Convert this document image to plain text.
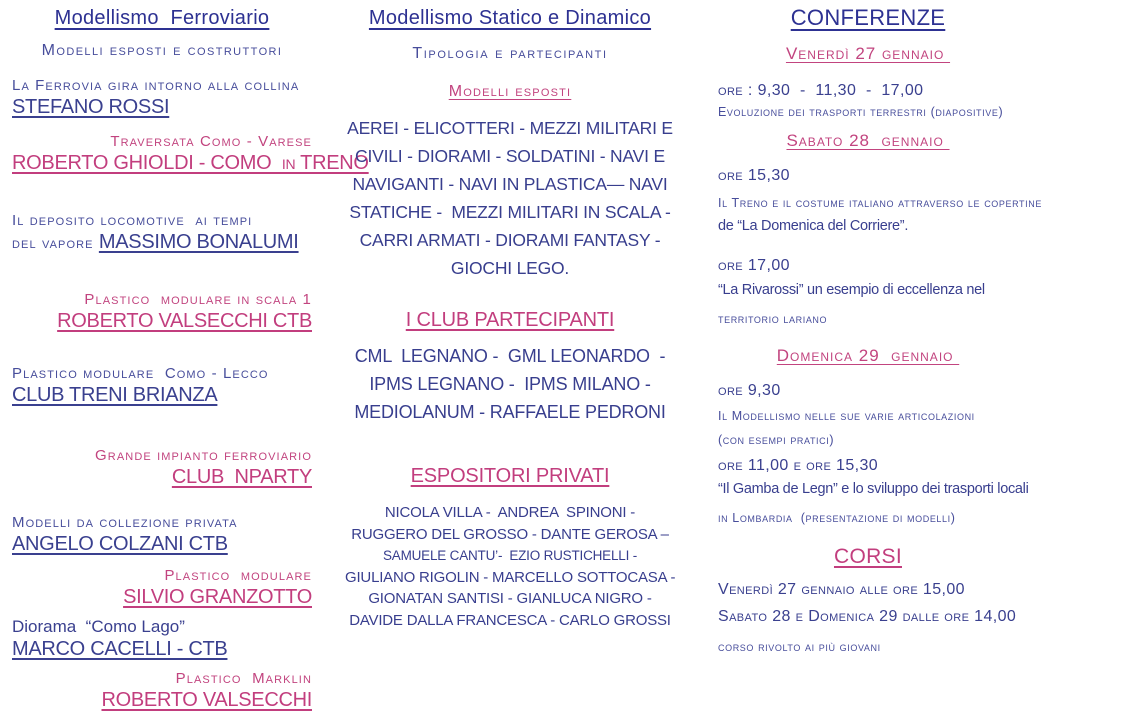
Modellismo  Ferroviario
Modelli esposti e costruttori
La Ferrovia gira intorno alla collina
STEFANO ROSSI
Traversata Como - Varese
ROBERTO GHIOLDI - COMO  in TRENO
Il deposito locomotive  ai tempi
del vapore MASSIMO BONALUMI
Plastico  modulare in scala 1
ROBERTO VALSECCHI CTB
Plastico modulare  Como - Lecco
CLUB TRENI BRIANZA
Grande impianto ferroviario
CLUB  NPARTY
Modelli da collezione privata
ANGELO COLZANI CTB
Plastico  modulare
SILVIO GRANZOTTO
Diorama  “Como Lago”
MARCO CACELLI - CTB
Plastico  Marklin
ROBERTO VALSECCHI
Modellismo Statico e Dinamico
Tipologia e partecipanti
Modelli esposti
AEREI - ELICOTTERI - MEZZI MILITARI E
CIVILI - DIORAMI - SOLDATINI - NAVI E
NAVIGANTI - NAVI IN PLASTICA— NAVI
STATICHE -  MEZZI MILITARI IN SCALA -
CARRI ARMATI - DIORAMI FANTASY -
GIOCHI LEGO.
I CLUB PARTECIPANTI
CML  LEGNANO -  GML LEONARDO  -
IPMS LEGNANO -  IPMS MILANO -
MEDIOLANUM - RAFFAELE PEDRONI
ESPOSITORI PRIVATI
NICOLA VILLA -  ANDREA  SPINONI -
RUGGERO DEL GROSSO - DANTE GEROSA –
SAMUELE CANTU’-  EZIO RUSTICHELLI -
GIULIANO RIGOLIN - MARCELLO SOTTOCASA -
GIONATAN SANTISI - GIANLUCA NIGRO -
DAVIDE DALLA FRANCESCA - CARLO GROSSI
CONFERENZE
Venerdì 27 gennaio
ore : 9,30  -  11,30  -  17,00
Evoluzione dei trasporti terrestri (diapositive)
Sabato 28  gennaio
ore 15,30
Il Treno e il costume italiano attraverso le copertine
de “La Domenica del Corriere”.
ore 17,00
“La Rivarossi” un esempio di eccellenza nel
territorio lariano
Domenica 29  gennaio
ore 9,30
Il Modellismo nelle sue varie articolazioni
(con esempi pratici)
ore 11,00 e ore 15,30
“Il Gamba de Legn” e lo sviluppo dei trasporti locali
in Lombardia  (presentazione di modelli)
CORSI
Venerdì 27 gennaio alle ore 15,00
Sabato 28 e Domenica 29 dalle ore 14,00
corso rivolto ai più giovani
